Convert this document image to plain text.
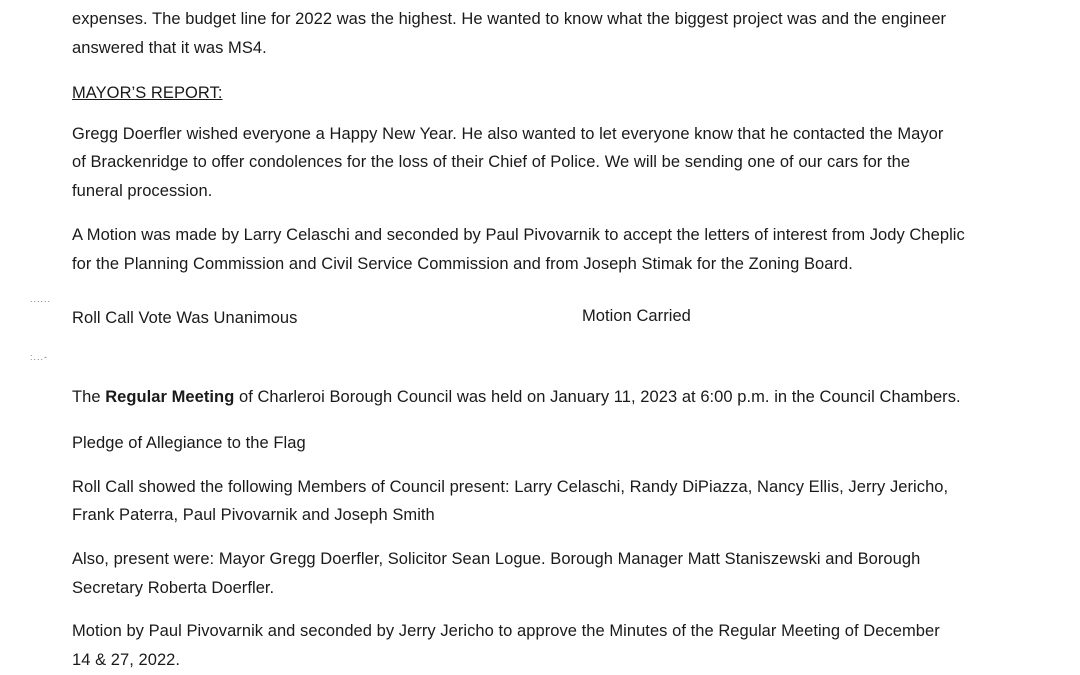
expenses. The budget line for 2022 was the highest. He wanted to know what the biggest project was and the engineer
answered that it was MS4.
MAYOR’S REPORT:
Gregg Doerfler wished everyone a Happy New Year. He also wanted to let everyone know that he contacted the Mayor
of Brackenridge to offer condolences for the loss of their Chief of Police. We will be sending one of our cars for the
funeral procession.
A Motion was made by Larry Celaschi and seconded by Paul Pivovarnik to accept the letters of interest from Jody Cheplic
for the Planning Commission and Civil Service Commission and from Joseph Stimak for the Zoning Board.
......
Roll Call Vote Was Unanimous	Motion Carried
:...-
The Regular Meeting of Charleroi Borough Council was held on January 11, 2023 at 6:00 p.m. in the Council Chambers.
Pledge of Allegiance to the Flag
Roll Call showed the following Members of Council present: Larry Celaschi, Randy DiPiazza, Nancy Ellis, Jerry Jericho,
Frank Paterra, Paul Pivovarnik and Joseph Smith
Also, present were: Mayor Gregg Doerfler, Solicitor Sean Logue. Borough Manager Matt Staniszewski and Borough
Secretary Roberta Doerfler.
Motion by Paul Pivovarnik and seconded by Jerry Jericho to approve the Minutes of the Regular Meeting of December
14 & 27, 2022.
